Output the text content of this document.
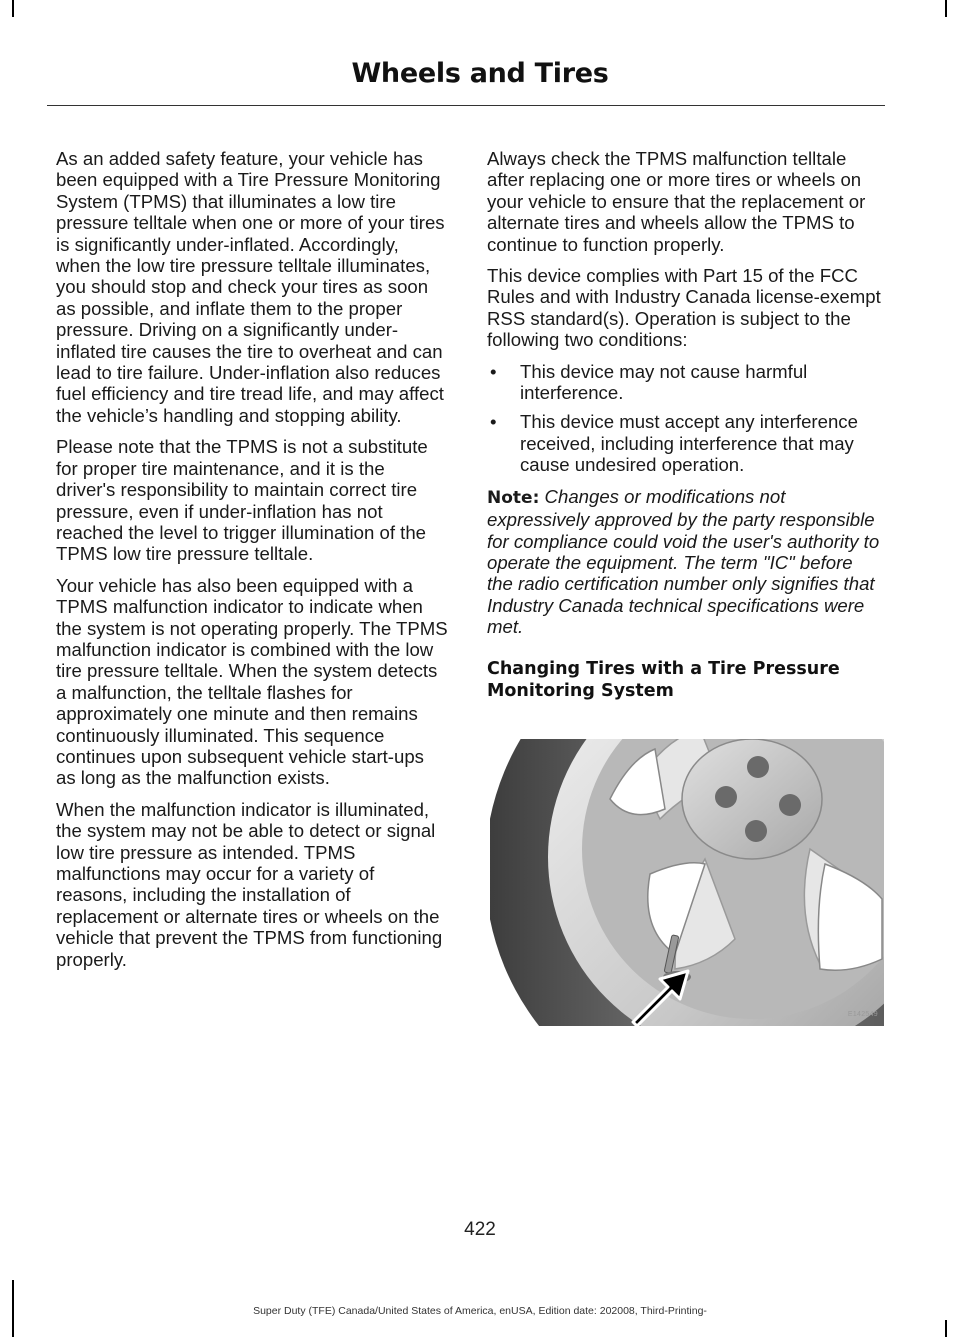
Wheels and Tires

As an added safety feature, your vehicle has been equipped with a Tire Pressure Monitoring System (TPMS) that illuminates a low tire pressure telltale when one or more of your tires is significantly under-inflated. Accordingly, when the low tire pressure telltale illuminates, you should stop and check your tires as soon as possible, and inflate them to the proper pressure. Driving on a significantly under-inflated tire causes the tire to overheat and can lead to tire failure. Under-inflation also reduces fuel efficiency and tire tread life, and may affect the vehicle’s handling and stopping ability.

Please note that the TPMS is not a substitute for proper tire maintenance, and it is the driver's responsibility to maintain correct tire pressure, even if under-inflation has not reached the level to trigger illumination of the TPMS low tire pressure telltale.

Your vehicle has also been equipped with a TPMS malfunction indicator to indicate when the system is not operating properly. The TPMS malfunction indicator is combined with the low tire pressure telltale. When the system detects a malfunction, the telltale flashes for approximately one minute and then remains continuously illuminated. This sequence continues upon subsequent vehicle start-ups as long as the malfunction exists.

When the malfunction indicator is illuminated, the system may not be able to detect or signal low tire pressure as intended. TPMS malfunctions may occur for a variety of reasons, including the installation of replacement or alternate tires or wheels on the vehicle that prevent the TPMS from functioning properly.

Always check the TPMS malfunction telltale after replacing one or more tires or wheels on your vehicle to ensure that the replacement or alternate tires and wheels allow the TPMS to continue to function properly.

This device complies with Part 15 of the FCC Rules and with Industry Canada license-exempt RSS standard(s). Operation is subject to the following two conditions:

• This device may not cause harmful interference.
• This device must accept any interference received, including interference that may cause undesired operation.

Note: Changes or modifications not expressively approved by the party responsible for compliance could void the user's authority to operate the equipment. The term "IC" before the radio certification number only signifies that Industry Canada technical specifications were met.

Changing Tires with a Tire Pressure Monitoring System
E142549
422
Super Duty (TFE) Canada/United States of America, enUSA, Edition date: 202008, Third-Printing-
